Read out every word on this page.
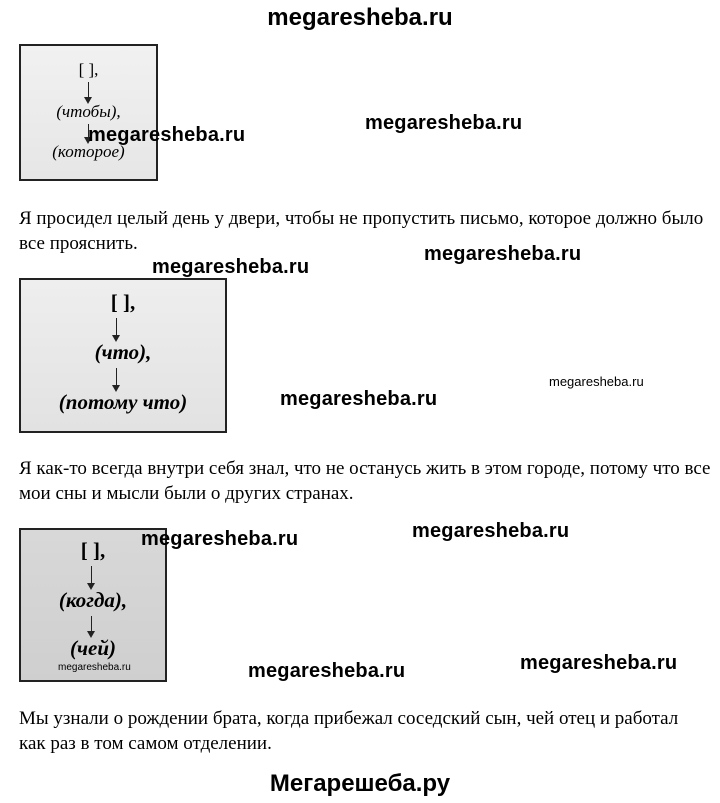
megaresheba.ru
[ ],
(чтобы),
(которое)
Я просидел целый день у двери, чтобы не пропустить письмо, которое должно было все прояснить.
[ ],
(что),
(потому что)
Я как-то всегда внутри себя знал, что не останусь жить в этом городе, потому что все мои сны и мысли были о других странах.
[ ],
(когда),
(чей)
Мы узнали о рождении брата, когда прибежал соседский сын, чей отец и работал как раз в том самом отделении.
Мегарешеба.ру
megaresheba.ru
megaresheba.ru
megaresheba.ru
megaresheba.ru
megaresheba.ru
megaresheba.ru
megaresheba.ru
megaresheba.ru
megaresheba.ru	megaresheba.ru	megaresheba.ru
